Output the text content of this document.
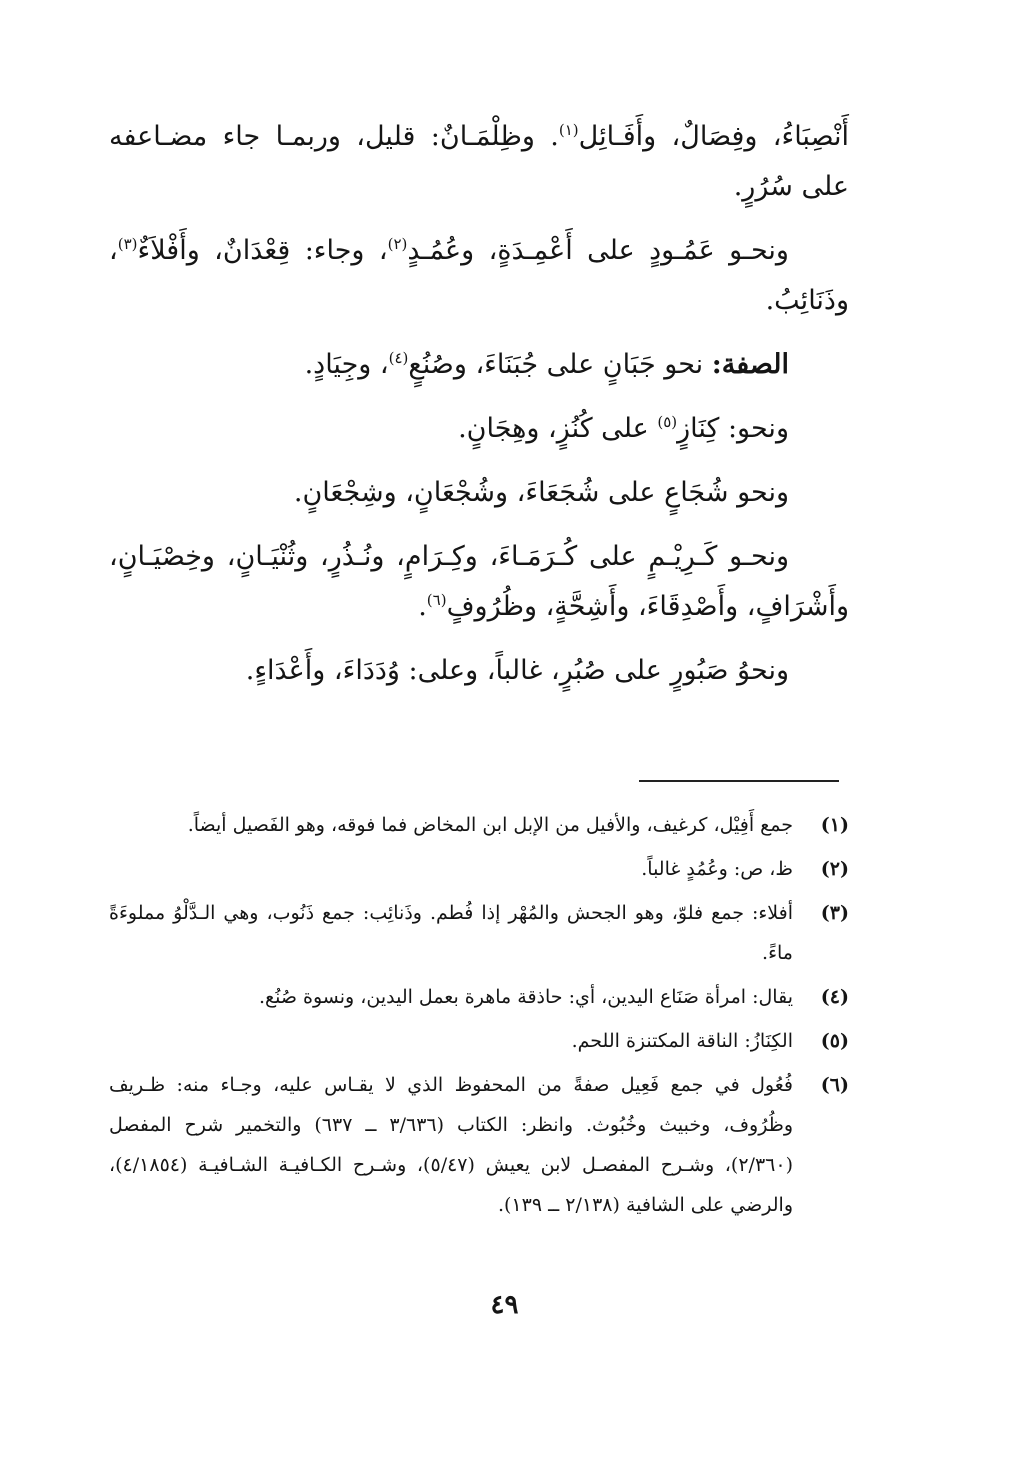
أَنْصِبَاءُ، وفِصَالٌ، وأَفَـائِل$^{(١)}$. وظِلْمَـانٌ: قليل، وربمـا جاء مضـاعفه على سُرُرٍ.

ونحـو عَمُـودٍ على أَعْمِـدَةٍ، وعُمُـدٍ$^{(٢)}$، وجاء: قِعْدَانٌ، وأَفْلاَءٌ$^{(٣)}$، وذَنَائِبُ.

الصفة: نحو جَبَانٍ على جُبَنَاءَ، وصُنُعٍ$^{(٤)}$، وجِيَادٍ.

ونحو: كِنَازٍ$^{(٥)}$ على كُنُزٍ، وهِجَانٍ.

ونحو شُجَاعٍ على شُجَعَاءَ، وشُجْعَانٍ، وشِجْعَانٍ.

ونحـو كَـرِيْـمٍ على كُـرَمَـاءَ، وكِـرَامٍ، ونُـذُرٍ، وثُنْيَـانٍ، وخِصْيَـانٍ، وأَشْرَافٍ، وأَصْدِقَاءَ، وأَشِحَّةٍ، وظُرُوفٍ$^{(٦)}$.

ونحوُ صَبُورٍ على صُبُرٍ، غالباً، وعلى: وُدَدَاءَ، وأَعْدَاءٍ.

(١)
جمع أَفِيْل، كرغيف، والأفيل من الإبل ابن المخاض فما فوقه، وهو الفَصيل أيضاً.
(٢)
ظ، ص: وعُمُدٍ غالباً.
(٣)
أفلاء: جمع فلوّ، وهو الجحش والمُهْر إذا فُطم. وذَنائِب: جمع ذَنُوب، وهي الـدَّلْوُ مملوءَةً ماءً.
(٤)
يقال: امرأة صَنَاع اليدين، أي: حاذقة ماهرة بعمل اليدين، ونسوة صُنُع.
(٥)
الكِنَازُ: الناقة المكتنزة اللحم.
(٦)
فُعُول في جمع فَعِيل صفةً من المحفوظ الذي لا يقـاس عليه، وجـاء منه: ظـريف وظُرُوف، وخبيث وخُبُوث. وانظر: الكتاب (٣/٦٣٦ ــ ٦٣٧) والتخمير شرح المفصل (٢/٣٦٠)، وشـرح المفصـل لابن يعيش (٥/٤٧)، وشـرح الكـافيـة الشـافيـة (٤/١٨٥٤)، والرضي على الشافية (٢/١٣٨ ــ ١٣٩).
٤٩
